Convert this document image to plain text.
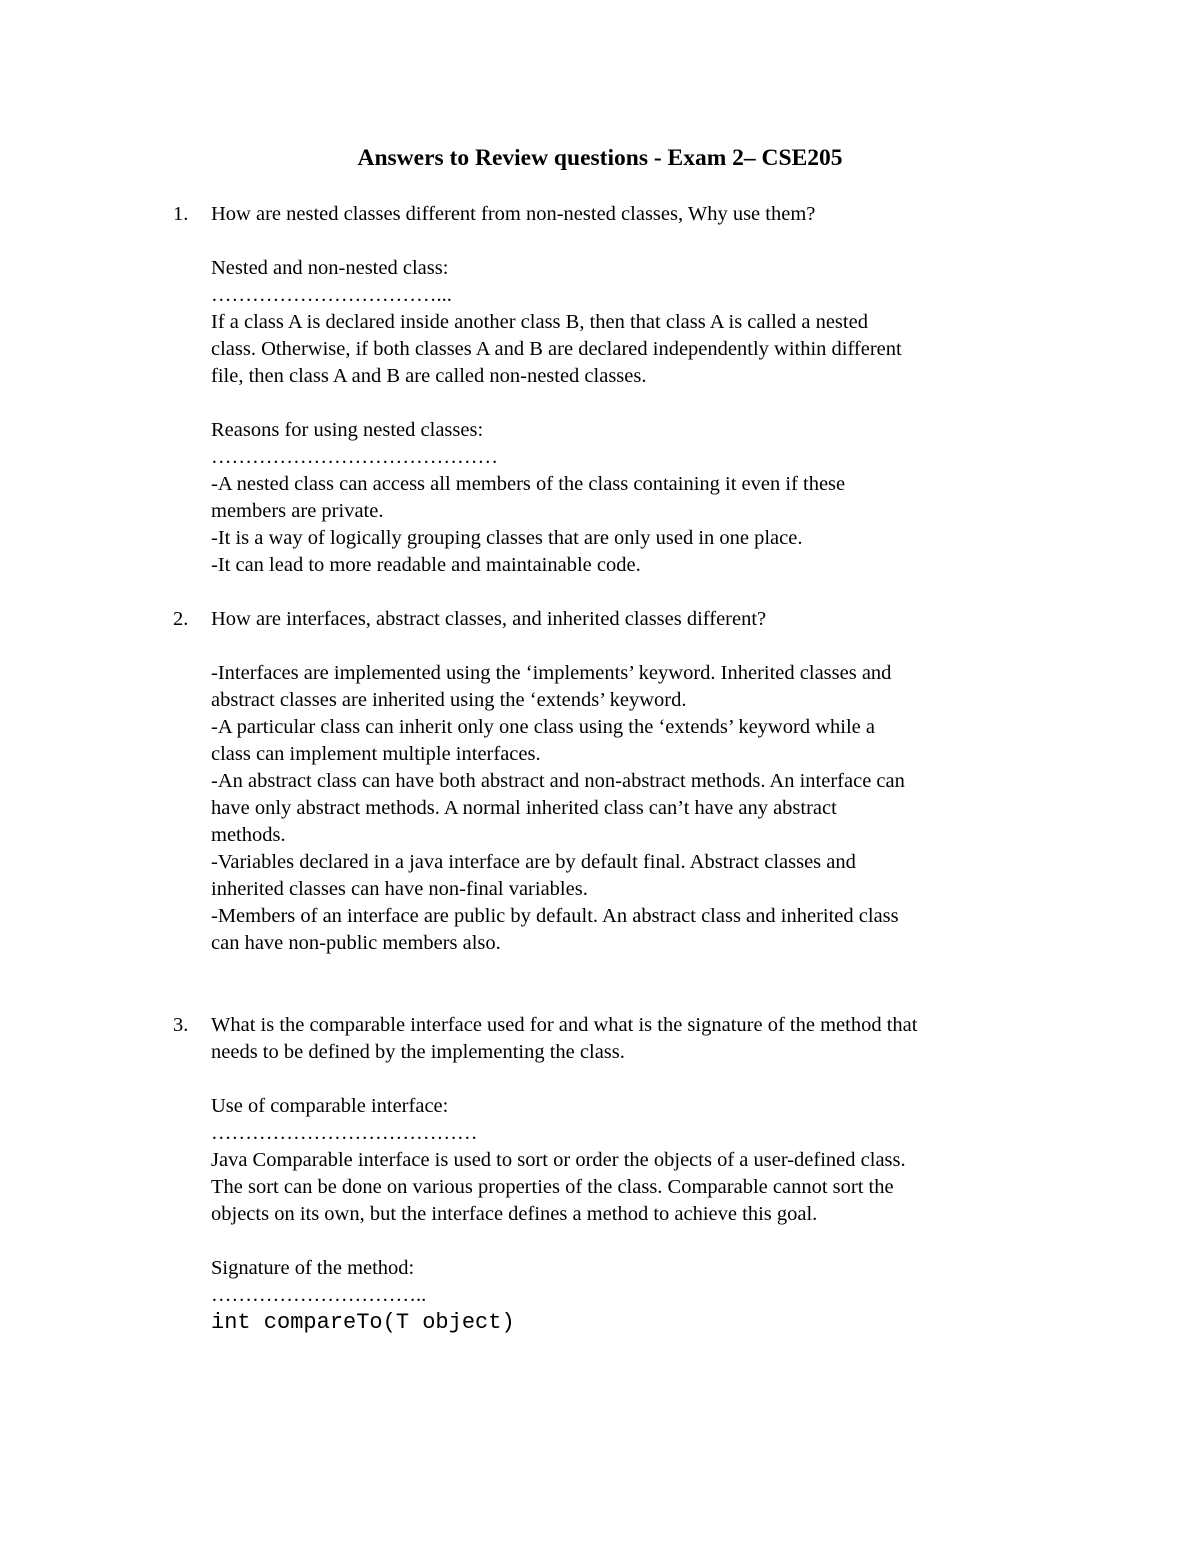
Answers to Review questions - Exam 2– CSE205
1. How are nested classes different from non-nested classes, Why use them?
Nested and non-nested class:
……………………………...
If a class A is declared inside another class B, then that class A is called a nested
class. Otherwise, if both classes A and B are declared independently within different
file, then class A and B are called non-nested classes.
Reasons for using nested classes:
……………………………………
-A nested class can access all members of the class containing it even if these
members are private.
-It is a way of logically grouping classes that are only used in one place.
-It can lead to more readable and maintainable code.
2. How are interfaces, abstract classes, and inherited classes different?
-Interfaces are implemented using the ‘implements’ keyword. Inherited classes and
abstract classes are inherited using the ‘extends’ keyword.
-A particular class can inherit only one class using the ‘extends’ keyword while a
class can implement multiple interfaces.
-An abstract class can have both abstract and non-abstract methods. An interface can
have only abstract methods. A normal inherited class can’t have any abstract
methods.
-Variables declared in a java interface are by default final. Abstract classes and
inherited classes can have non-final variables.
-Members of an interface are public by default. An abstract class and inherited class
can have non-public members also.
3. What is the comparable interface used for and what is the signature of the method that
needs to be defined by the implementing the class.
Use of comparable interface:
…………………………………
Java Comparable interface is used to sort or order the objects of a user-defined class.
The sort can be done on various properties of the class. Comparable cannot sort the
objects on its own, but the interface defines a method to achieve this goal.
Signature of the method:
…………………………..
int compareTo(T object)
